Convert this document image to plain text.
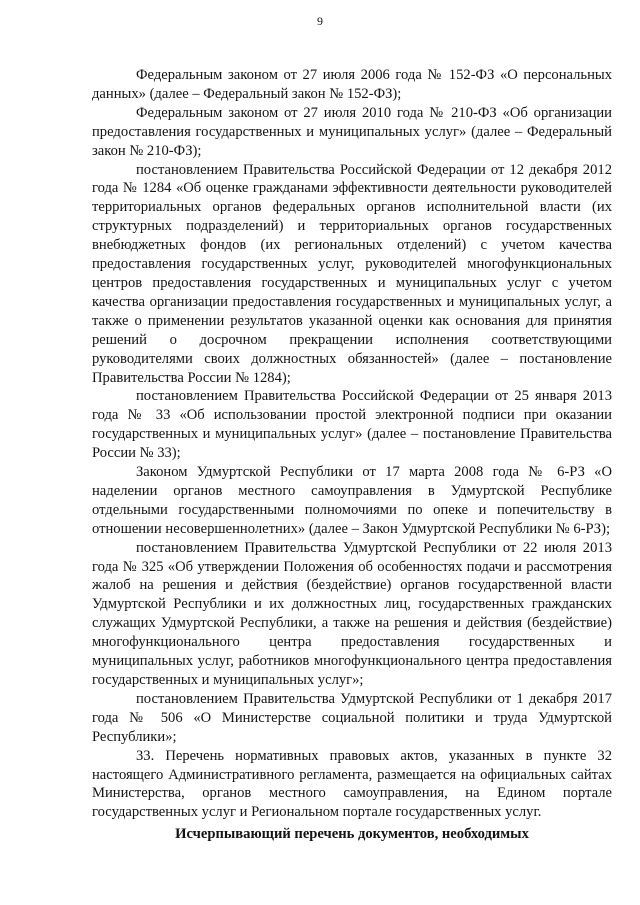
9

Федеральным законом от 27 июля 2006 года № 152-ФЗ «О персональных данных» (далее – Федеральный закон № 152-ФЗ);

Федеральным законом от 27 июля 2010 года № 210-ФЗ «Об организации предоставления государственных и муниципальных услуг» (далее – Федеральный закон № 210-ФЗ);

постановлением Правительства Российской Федерации от 12 декабря 2012 года № 1284 «Об оценке гражданами эффективности деятельности руководителей территориальных органов федеральных органов исполнительной власти (их структурных подразделений) и территориальных органов государственных внебюджетных фондов (их региональных отделений) с учетом качества предоставления государственных услуг, руководителей многофункциональных центров предоставления государственных и муниципальных услуг с учетом качества организации предоставления государственных и муниципальных услуг, а также о применении результатов указанной оценки как основания для принятия решений о досрочном прекращении исполнения соответствующими руководителями своих должностных обязанностей» (далее – постановление Правительства России № 1284);

постановлением Правительства Российской Федерации от 25 января 2013 года № 33 «Об использовании простой электронной подписи при оказании государственных и муниципальных услуг» (далее – постановление Правительства России № 33);

Законом Удмуртской Республики от 17 марта 2008 года № 6-РЗ «О наделении органов местного самоуправления в Удмуртской Республике отдельными государственными полномочиями по опеке и попечительству в отношении несовершеннолетних» (далее – Закон Удмуртской Республики № 6-РЗ);

постановлением Правительства Удмуртской Республики от 22 июля 2013 года № 325 «Об утверждении Положения об особенностях подачи и рассмотрения жалоб на решения и действия (бездействие) органов государственной власти Удмуртской Республики и их должностных лиц, государственных гражданских служащих Удмуртской Республики, а также на решения и действия (бездействие) многофункционального центра предоставления государственных и муниципальных услуг, работников многофункционального центра предоставления государственных и муниципальных услуг»;

постановлением Правительства Удмуртской Республики от 1 декабря 2017 года № 506 «О Министерстве социальной политики и труда Удмуртской Республики»;

33. Перечень нормативных правовых актов, указанных в пункте 32 настоящего Административного регламента, размещается на официальных сайтах Министерства, органов местного самоуправления, на Едином портале государственных услуг и Региональном портале государственных услуг.

Исчерпывающий перечень документов, необходимых
